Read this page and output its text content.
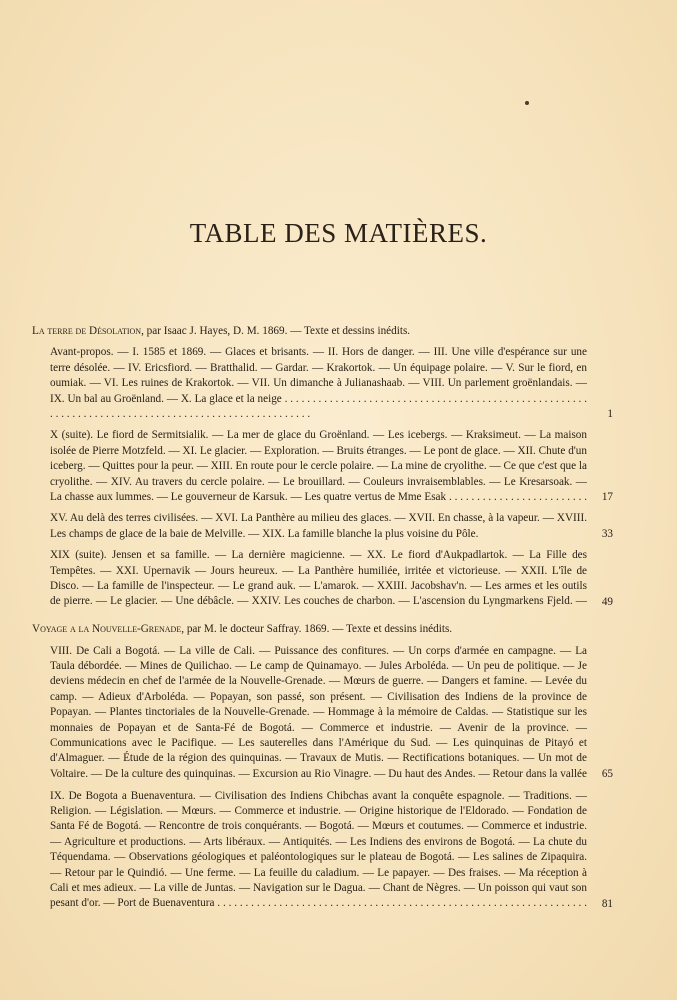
TABLE DES MATIÈRES.
La terre de Désolation, par Isaac J. Hayes, D. M. 1869. — Texte et dessins inédits.
Avant-propos. — I. 1585 et 1869. — Glaces et brisants. — II. Hors de danger. — III. Une ville d'espérance sur une terre désolée. — IV. Ericsfiord. — Bratthalid. — Gardar. — Krakortok. — Un équipage polaire. — V. Sur le fiord, en oumiak. — VI. Les ruines de Krakortok. — VII. Un dimanche à Julianashaab. — VIII. Un parlement groënlandais. — IX. Un bal au Groënland. — X. La glace et la neige . . .
1
X (suite). Le fiord de Sermitsialik. — La mer de glace du Groënland. — Les icebergs. — Kraksimeut. — La maison isolée de Pierre Motzfeld. — XI. Le glacier. — Exploration. — Bruits étranges. — Le pont de glace. — XII. Chute d'un iceberg. — Quittes pour la peur. — XIII. En route pour le cercle polaire. — La mine de cryolithe. — Ce que c'est que la cryolithe. — XIV. Au travers du cercle polaire. — Le brouillard. — Couleurs invraisemblables. — Le Kresarsoak. — La chasse aux lummes. — Le gouverneur de Karsuk. — Les quatre vertus de Mme Esak . . .	17
XV. Au delà des terres civilisées. — XVI. La Panthère au milieu des glaces. — XVII. En chasse, à la vapeur. — XVIII. Les champs de glace de la baie de Melville. — XIX. La famille blanche la plus voisine du Pôle.	33
XIX (suite). Jensen et sa famille. — La dernière magicienne. — XX. Le fiord d'Aukpadlartok. — La Fille des Tempêtes. — XXI. Upernavik — Jours heureux. — La Panthère humiliée, irritée et victorieuse. — XXII. L'île de Disco. — La famille de l'inspecteur. — Le grand auk. — L'amarok. — XXIII. Jacobshav'n. — Les armes et les outils de pierre. — Le glacier. — Une débâcle. — XXIV. Les couches de charbon. — L'ascension du Lyngmarkens Fjeld. — . . .	49
Voyage a la Nouvelle-Grenade, par M. le docteur Saffray. 1869. — Texte et dessins inédits.
VIII. De Cali a Bogotá. — La ville de Cali. — Puissance des confitures. — Un corps d'armée en campagne. — La Taula débordée. — Mines de Quilichao. — Le camp de Quinamayo. — Jules Arboléda. — Un peu de politique. — Je deviens médecin en chef de l'armée de la Nouvelle-Grenade. — Mœurs de guerre. — Dangers et famine. — Levée du camp. — Adieux d'Arboléda. — Popayan, son passé, son présent. — Civilisation des Indiens de la province de Popayan. — Plantes tinctoriales de la Nouvelle-Grenade. — Hommage à la mémoire de Caldas. — Statistique sur les monnaies de Popayan et de Santa-Fé de Bogotá. — Commerce et industrie. — Avenir de la province. — Communications avec le Pacifique. — Les sauterelles dans l'Amérique du Sud. — Les quinquinas de Pitayó et d'Almaguer. — Étude de la région des quinquinas. — Travaux de Mutis. — Rectifications botaniques. — Un mot de Voltaire. — De la culture des quinquinas. — Excursion au Rio Vinagre. — Du haut des Andes. — Retour dans la vallée . . .	65
IX. De Bogota a Buenaventura. — Civilisation des Indiens Chibchas avant la conquête espagnole. — Traditions. — Religion. — Législation. — Mœurs. — Commerce et industrie. — Origine historique de l'Eldorado. — Fondation de Santa Fé de Bogotá. — Rencontre de trois conquérants. — Bogotá. — Mœurs et coutumes. — Commerce et industrie. — Agriculture et productions. — Arts libéraux. — Antiquités. — Les Indiens des environs de Bogotá. — La chute du Téquendama. — Observations géologiques et paléontologiques sur le plateau de Bogotá. — Les salines de Zipaquira. — Retour par le Quindió. — Une ferme. — La feuille du caladium. — Le papayer. — Des fraises. — Ma réception à Cali et mes adieux. — La ville de Juntas. — Navigation sur le Dagua. — Chant de Nègres. — Un poisson qui vaut son pesant d'or. — Port de Buenaventura . . .	81
